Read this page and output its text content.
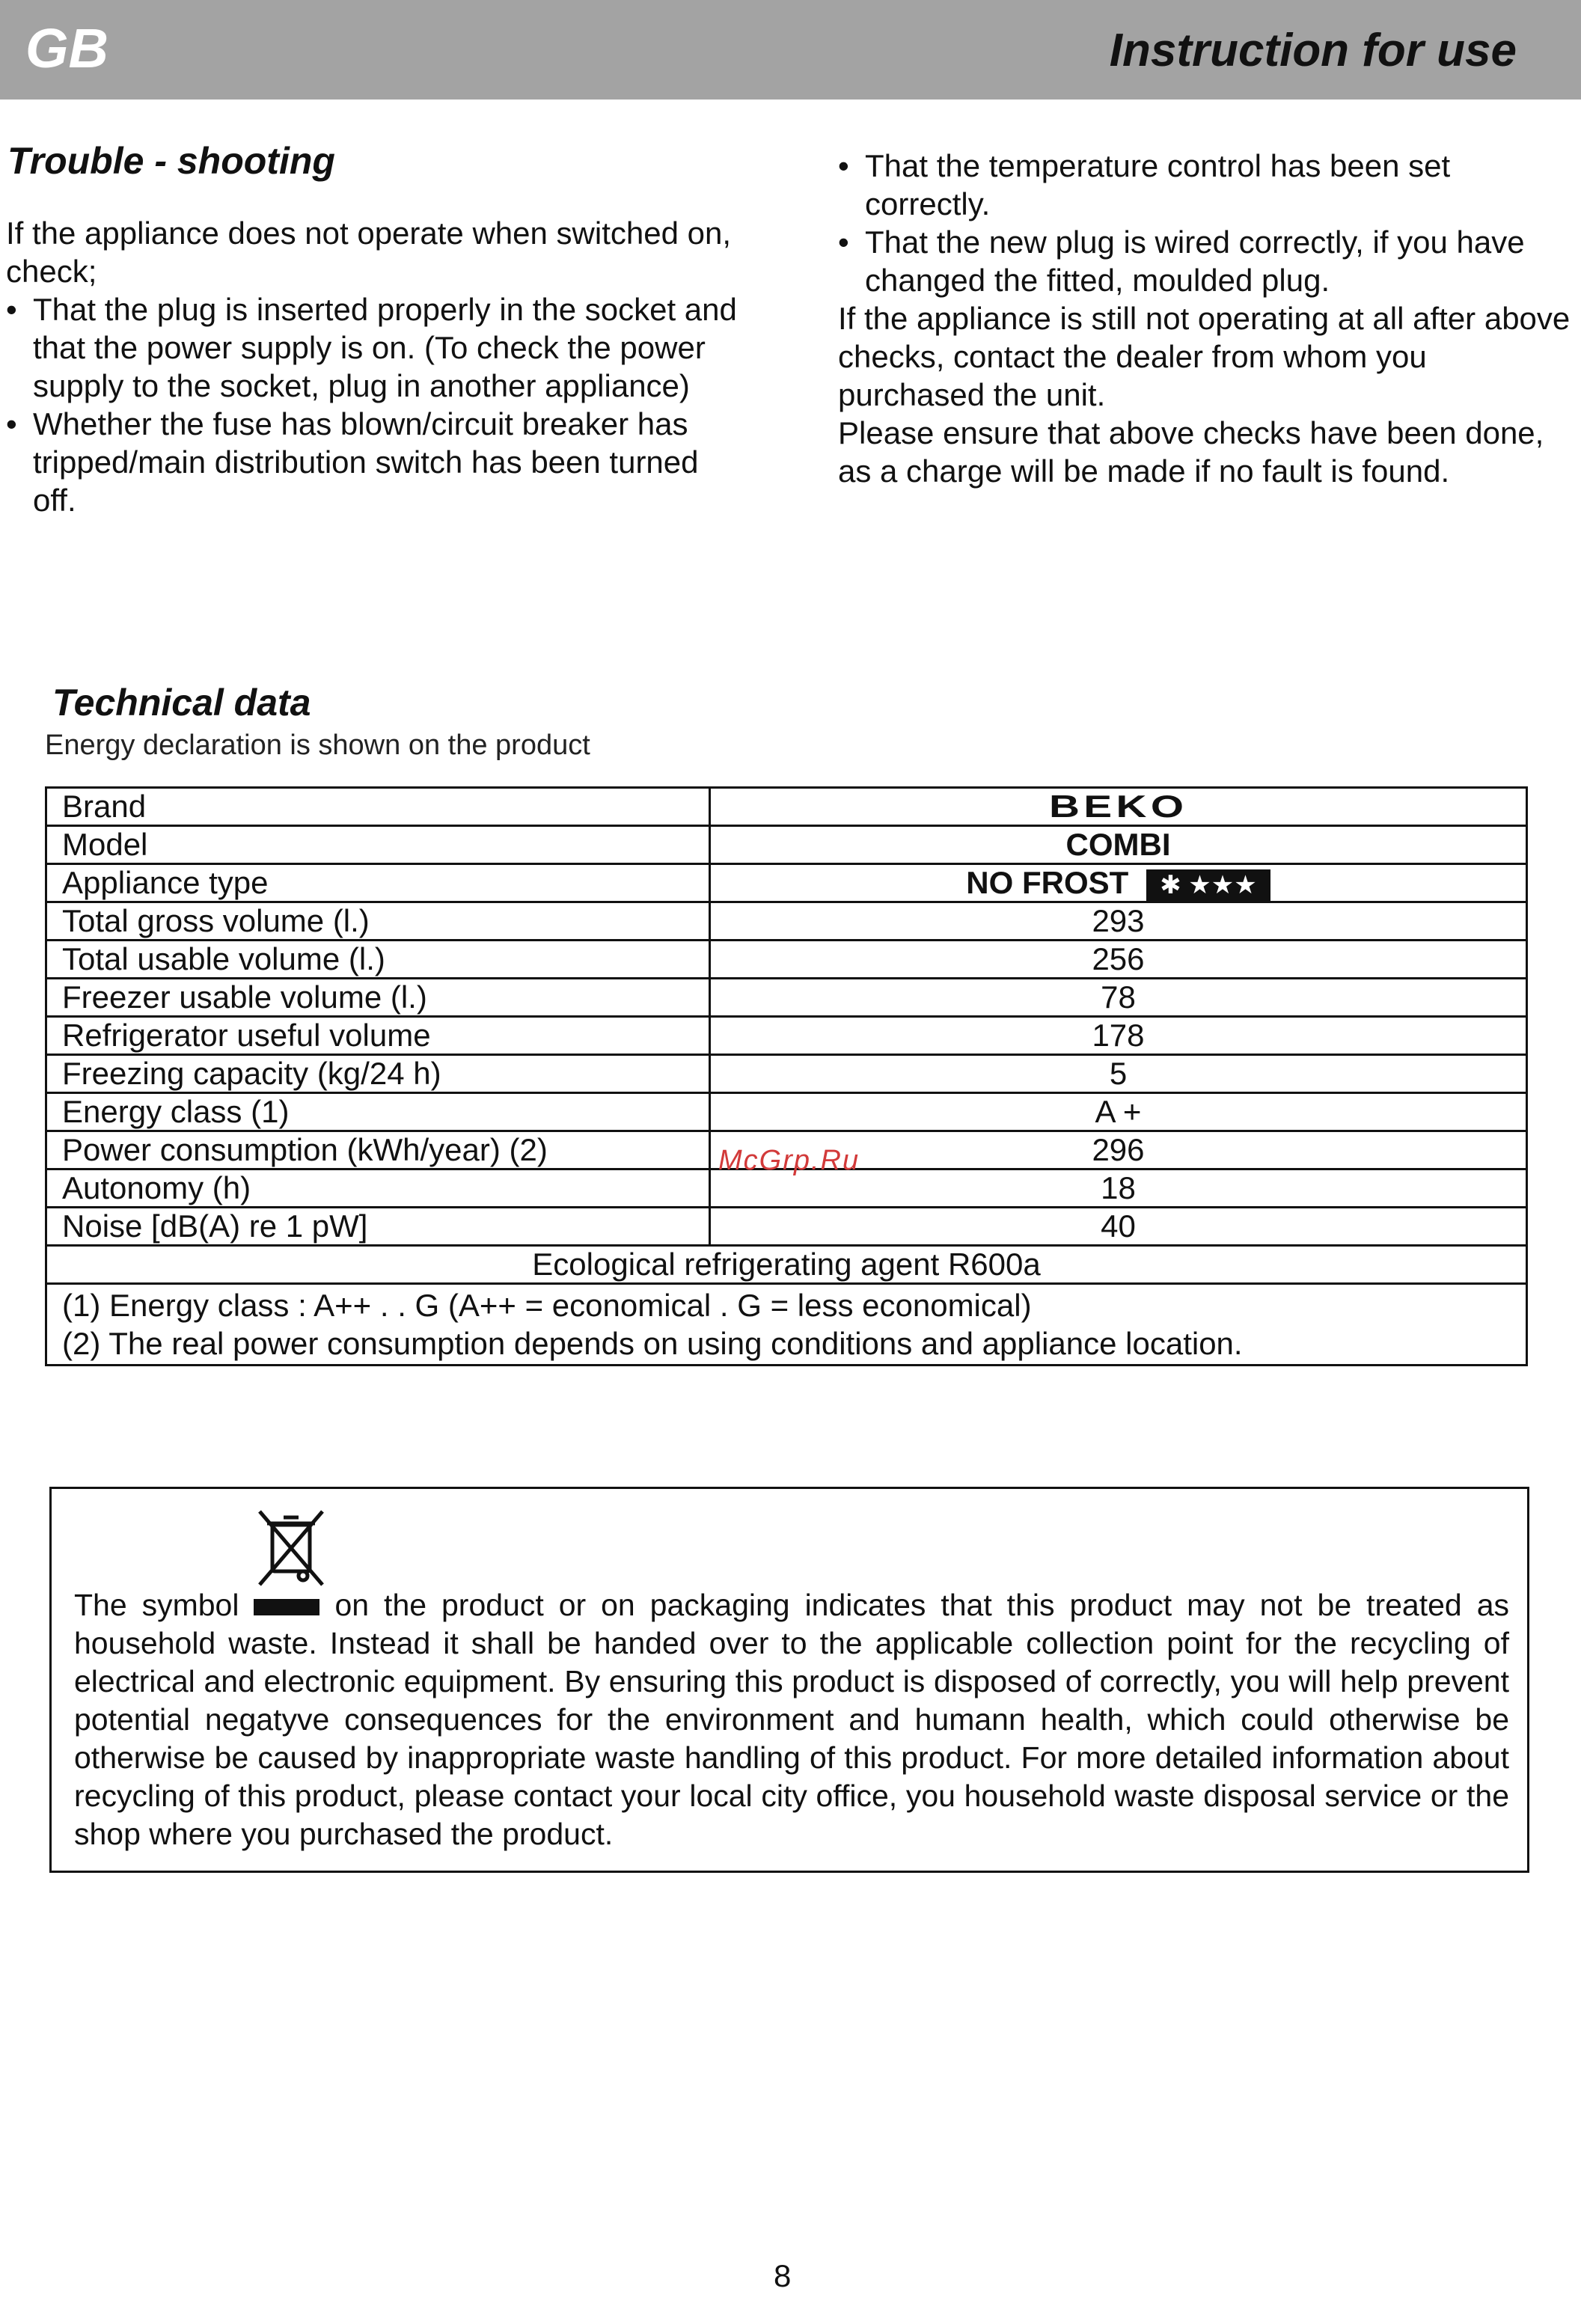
GB	Instruction for use
Trouble - shooting

If the appliance does not operate when switched on, check;

• That the plug is inserted properly in the socket and that the power supply is on. (To check the power supply to the socket, plug in another appliance)

• Whether the fuse has blown/circuit breaker has tripped/main distribution switch has been turned off.

• That the temperature control has been set correctly.

• That the new plug is wired correctly, if you have changed the fitted, moulded plug.

If the appliance is still not operating at all after above checks, contact the dealer from whom you purchased the unit.

Please ensure that above checks have been done, as a charge will be made if no fault is found.

Technical data
Energy declaration is shown on the product
Brand	BEKO
Model	COMBI
Appliance type	NO FROST ✱ ★★★
Total gross volume (l.)	293
Total usable volume (l.)	256
Freezer usable volume (l.)	78
Refrigerator useful volume	178
Freezing capacity (kg/24 h)	5
Energy class (1)	A +
Power consumption (kWh/year) (2)	296
Autonomy (h)	18
Noise [dB(A) re 1 pW]	40
Ecological refrigerating agent R600a	

(1) Energy class : A++ . . G (A++ = economical . G = less economical)
(2) The real power consumption depends on using conditions and appliance location.	
McGrp.Ru
The symbol	on the product or on packaging indicates that this product may not be treated as household waste. Instead it shall be handed over to the applicable collection point for the recycling of electrical and electronic equipment. By ensuring this product is disposed of correctly, you will help prevent potential negatyve consequences for the environment and humann health, which could otherwise be otherwise be caused by inappropriate waste handling of this product. For more detailed information about recycling of this product, please contact your local city office, you household waste disposal service or the shop where you purchased the product.
8
